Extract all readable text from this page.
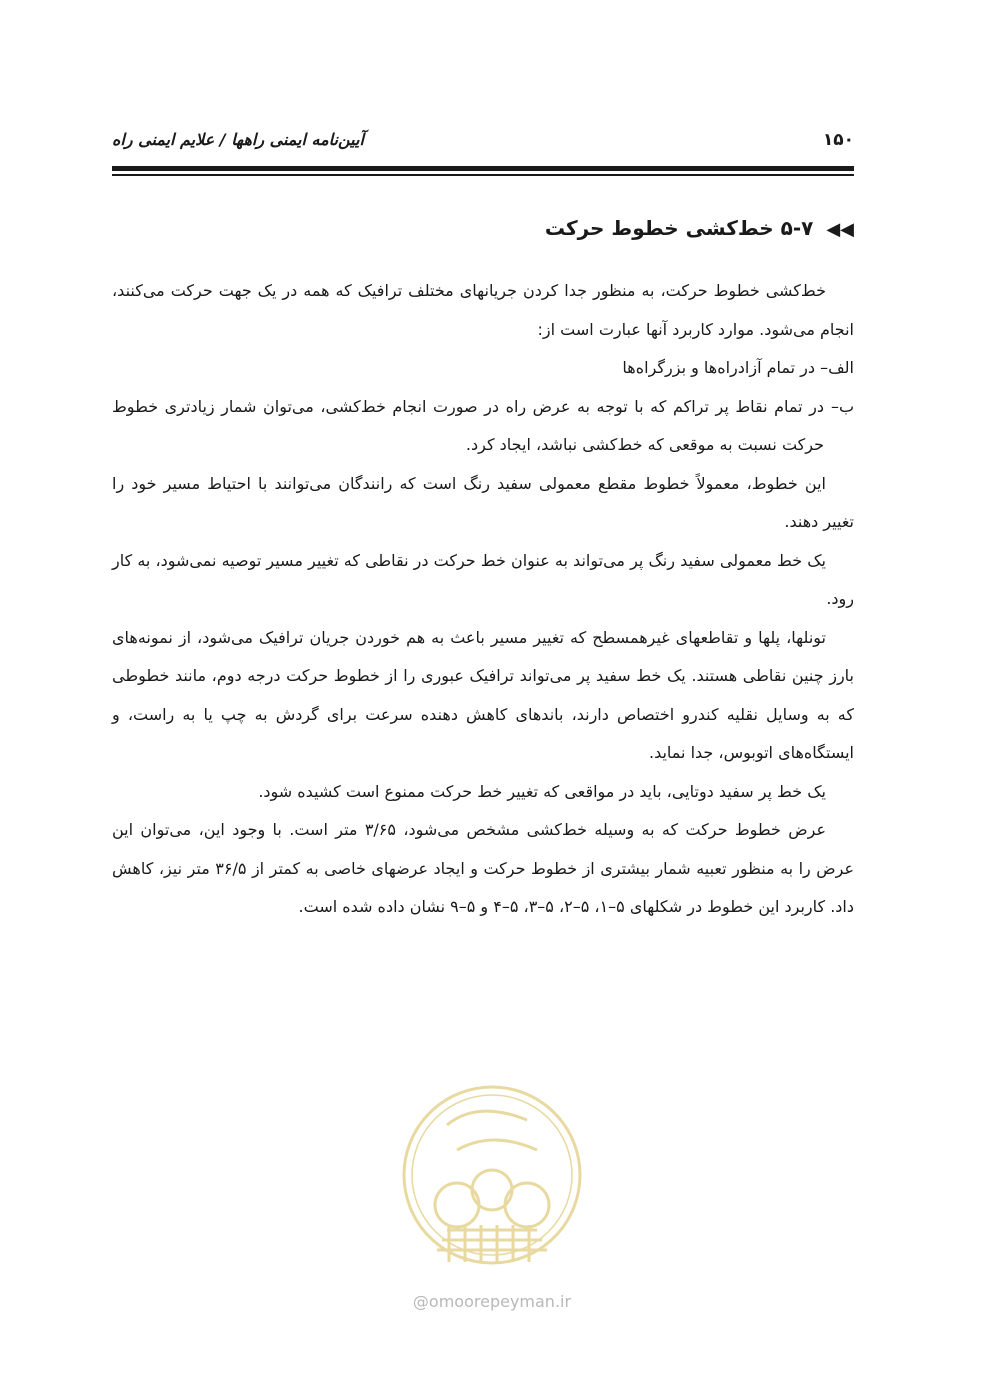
۱۵۰
آیین‌نامه ایمنی راهها / علایم ایمنی راه
◀◀ ۵-۷ خط‌کشی خطوط حرکت

خط‌کشی خطوط حرکت، به منظور جدا کردن جریانهای مختلف ترافیک که همه در یک جهت حرکت می‌کنند، انجام می‌شود. موارد کاربرد آنها عبارت است از:

الف– در تمام آزادراه‌ها و بزرگراه‌ها

ب–
در تمام نقاط پر تراکم که با توجه به عرض راه در صورت انجام خط‌کشی، می‌توان شمار زیادتری خطوط حرکت نسبت به موقعی که خط‌کشی نباشد، ایجاد کرد.

این خطوط، معمولاً خطوط مقطع معمولی سفید رنگ است که رانندگان می‌توانند با احتیاط مسیر خود را تغییر دهند.

یک خط معمولی سفید رنگ پر می‌تواند به عنوان خط حرکت در نقاطی که تغییر مسیر توصیه نمی‌شود، به کار رود.

تونلها، پلها و تقاطعهای غیرهمسطح که تغییر مسیر باعث به هم خوردن جریان ترافیک می‌شود، از نمونه‌های بارز چنین نقاطی هستند. یک خط سفید پر می‌تواند ترافیک عبوری را از خطوط حرکت درجه دوم، مانند خطوطی که به وسایل نقلیه کندرو اختصاص دارند، باندهای کاهش دهنده سرعت برای گردش به چپ یا به راست، و ایستگاه‌های اتوبوس، جدا نماید.

یک خط پر سفید دوتایی، باید در مواقعی که تغییر خط حرکت ممنوع است کشیده شود.

عرض خطوط حرکت که به وسیله خط‌کشی مشخص می‌شود، ۳/۶۵ متر است. با وجود این، می‌توان این عرض را به منظور تعبیه شمار بیشتری از خطوط حرکت و ایجاد عرضهای خاصی به کمتر از ۳۶/۵ متر نیز، کاهش داد. کاربرد این خطوط در شکلهای ۵–۱، ۵–۲، ۵–۳، ۵–۴ و ۵–۹ نشان داده شده است.

@omoorepeyman.ir
